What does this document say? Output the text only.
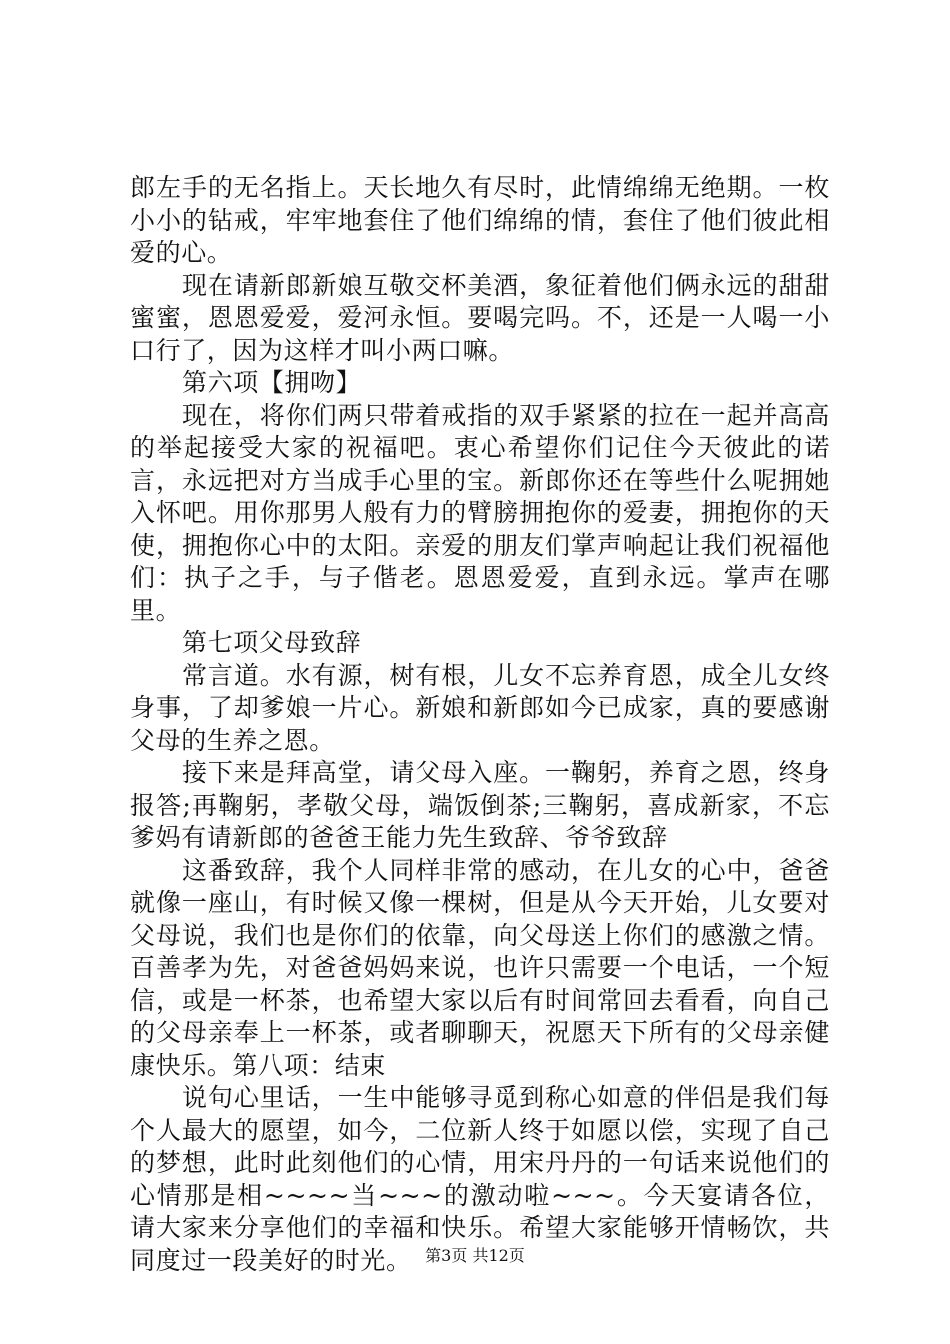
郎左手的无名指上。天长地久有尽时，此情绵绵无绝期。一枚小小的钻戒，牢牢地套住了他们绵绵的情，套住了他们彼此相爱的心。

现在请新郎新娘互敬交杯美酒，象征着他们俩永远的甜甜蜜蜜，恩恩爱爱，爱河永恒。要喝完吗。不，还是一人喝一小口行了，因为这样才叫小两口嘛。

第六项【拥吻】

现在，将你们两只带着戒指的双手紧紧的拉在一起并高高的举起接受大家的祝福吧。衷心希望你们记住今天彼此的诺言，永远把对方当成手心里的宝。新郎你还在等些什么呢拥她入怀吧。用你那男人般有力的臂膀拥抱你的爱妻，拥抱你的天使，拥抱你心中的太阳。亲爱的朋友们掌声响起让我们祝福他们：执子之手，与子偕老。恩恩爱爱，直到永远。掌声在哪里。

第七项父母致辞

常言道。水有源，树有根，儿女不忘养育恩，成全儿女终身事，了却爹娘一片心。新娘和新郎如今已成家，真的要感谢父母的生养之恩。

接下来是拜高堂，请父母入座。一鞠躬，养育之恩，终身报答;再鞠躬，孝敬父母，端饭倒茶;三鞠躬，喜成新家，不忘爹妈有请新郎的爸爸王能力先生致辞、爷爷致辞

这番致辞，我个人同样非常的感动，在儿女的心中，爸爸就像一座山，有时候又像一棵树，但是从今天开始，儿女要对父母说，我们也是你们的依靠，向父母送上你们的感激之情。百善孝为先，对爸爸妈妈来说，也许只需要一个电话，一个短信，或是一杯茶，也希望大家以后有时间常回去看看，向自己的父母亲奉上一杯茶，或者聊聊天，祝愿天下所有的父母亲健康快乐。第八项：结束

说句心里话，一生中能够寻觅到称心如意的伴侣是我们每个人最大的愿望，如今，二位新人终于如愿以偿，实现了自己的梦想，此时此刻他们的心情，用宋丹丹的一句话来说他们的心情那是相~~~~当~~~的激动啦~~~。今天宴请各位，请大家来分享他们的幸福和快乐。希望大家能够开情畅饮，共同度过一段美好的时光。 第3页 共12页
